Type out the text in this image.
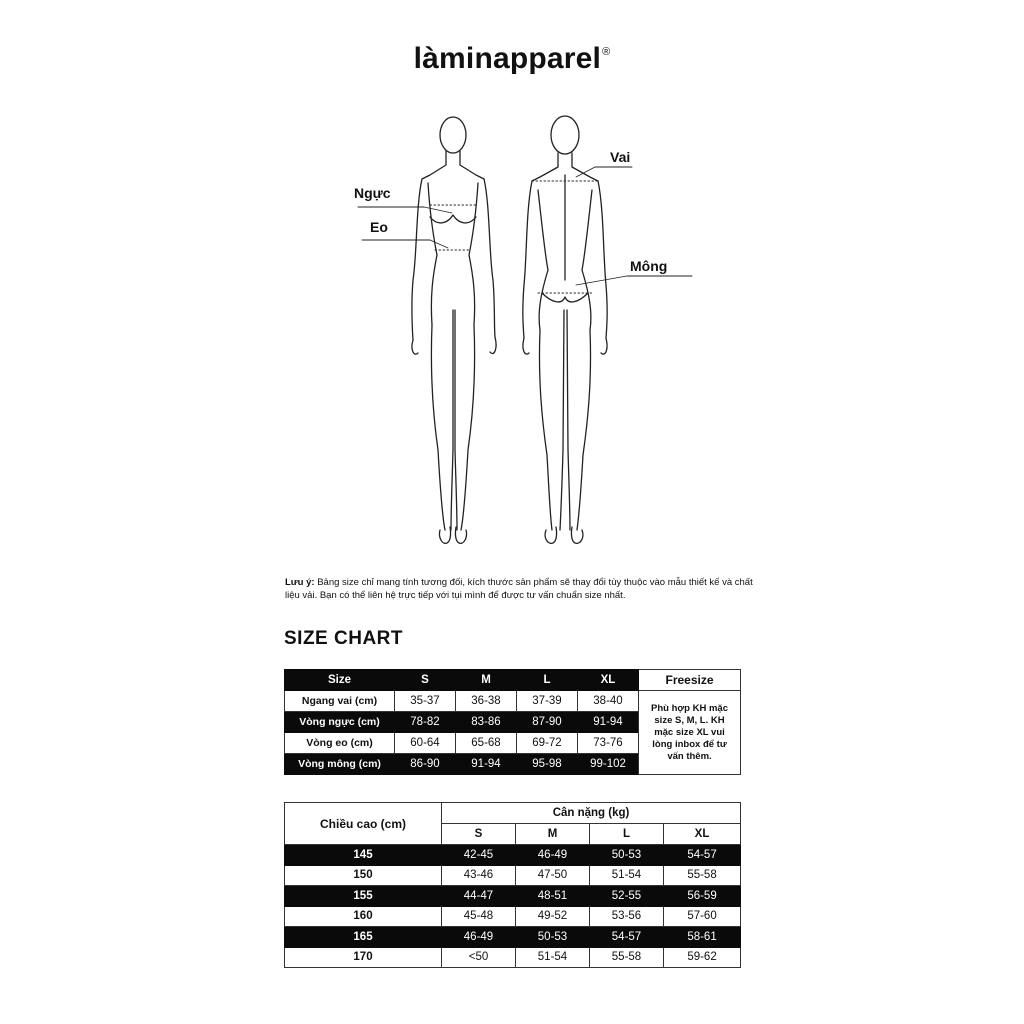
làminapparel®
Ngực
Eo
Vai
Mông
Lưu ý: Bảng size chỉ mang tính tương đối, kích thước sản phẩm sẽ thay đổi tùy thuộc vào mẫu thiết kế và chất liệu vải. Bạn có thể liên hệ trực tiếp với tụi mình để được tư vấn chuẩn size nhất.
SIZE CHART
Size	S	M	L	XL	Freesize
Ngang vai (cm)	35-37	36-38	37-39	38-40	Phù hợp KH mặc size S, M, L. KH mặc size XL vui lòng inbox để tư vấn thêm.
Vòng ngực (cm)	78-82	83-86	87-90	91-94	
Vòng eo (cm)	60-64	65-68	69-72	73-76	
Vòng mông (cm)	86-90	91-94	95-98	99-102	
Chiều cao (cm)	Cân nặng (kg)			
	S	M	L	XL
145	42-45	46-49	50-53	54-57
150	43-46	47-50	51-54	55-58
155	44-47	48-51	52-55	56-59
160	45-48	49-52	53-56	57-60
165	46-49	50-53	54-57	58-61
170	<50	51-54	55-58	59-62
